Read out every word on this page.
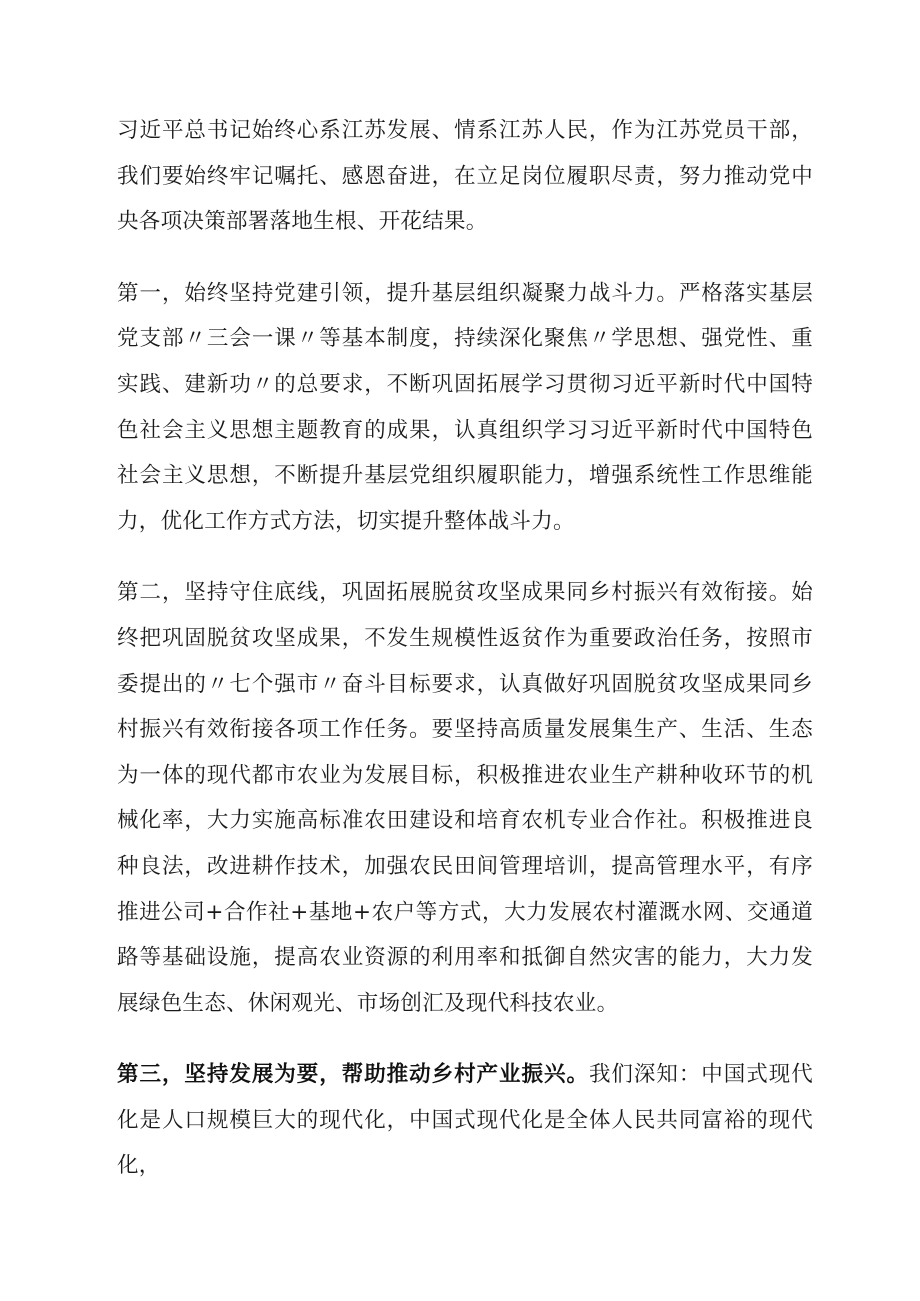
习近平总书记始终心系江苏发展、情系江苏人民，作为江苏党员干部，我们要始终牢记嘱托、感恩奋进，在立足岗位履职尽责，努力推动党中央各项决策部署落地生根、开花结果。

第一，始终坚持党建引领，提升基层组织凝聚力战斗力。严格落实基层党支部〃三会一课〃等基本制度，持续深化聚焦〃学思想、强党性、重实践、建新功〃的总要求，不断巩固拓展学习贯彻习近平新时代中国特色社会主义思想主题教育的成果，认真组织学习习近平新时代中国特色社会主义思想，不断提升基层党组织履职能力，增强系统性工作思维能力，优化工作方式方法，切实提升整体战斗力。

第二，坚持守住底线，巩固拓展脱贫攻坚成果同乡村振兴有效衔接。始终把巩固脱贫攻坚成果，不发生规模性返贫作为重要政治任务，按照市委提出的〃七个强市〃奋斗目标要求，认真做好巩固脱贫攻坚成果同乡村振兴有效衔接各项工作任务。要坚持高质量发展集生产、生活、生态为一体的现代都市农业为发展目标，积极推进农业生产耕种收环节的机械化率，大力实施高标准农田建设和培育农机专业合作社。积极推进良种良法，改进耕作技术，加强农民田间管理培训，提高管理水平，有序推进公司+合作社+基地+农户等方式，大力发展农村灌溉水网、交通道路等基础设施，提高农业资源的利用率和抵御自然灾害的能力，大力发展绿色生态、休闲观光、市场创汇及现代科技农业。

第三，坚持发展为要，帮助推动乡村产业振兴。我们深知：中国式现代化是人口规模巨大的现代化，中国式现代化是全体人民共同富裕的现代化，
